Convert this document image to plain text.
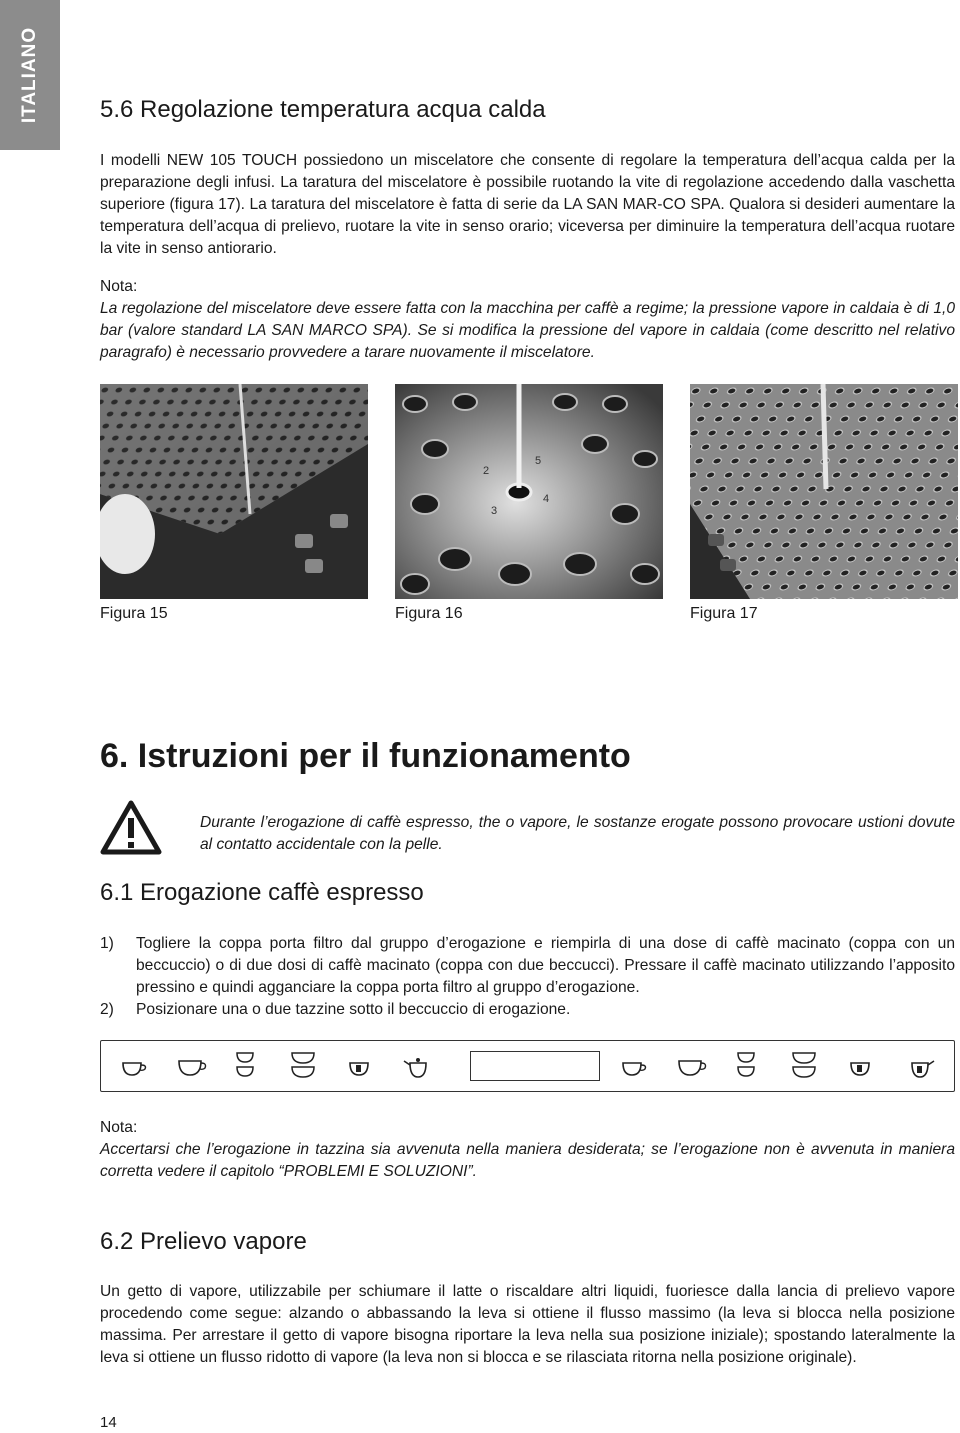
ITALIANO	5.6 Regolazione temperatura acqua calda
I modelli NEW 105 TOUCH possiedono un miscelatore che consente di regolare la temperatura dell’acqua calda per la preparazione degli infusi. La taratura del miscelatore è possibile ruotando la vite di regolazione accedendo dalla vaschetta superiore (figura 17). La taratura del miscelatore è fatta di serie da LA SAN MAR-CO SPA. Qualora si desideri aumentare la temperatura dell’acqua di prelievo, ruotare la vite in senso orario; viceversa per diminuire la temperatura dell’acqua ruotare la vite in senso antiorario.
Nota:
La regolazione del miscelatore deve essere fatta con la macchina per caffè a regime; la pressione vapore in caldaia è di 1,0 bar (valore standard LA SAN MARCO SPA). Se si modifica la pressione del vapore in caldaia (come descritto nel relativo paragrafo) è necessario provvedere a tarare nuovamente il miscelatore.
2
5
3
4
Figura 15	Figura 16	Figura 17
6. Istruzioni per il funzionamento
Durante l’erogazione di caffè espresso, the o vapore, le sostanze erogate possono provocare ustioni dovute al contatto accidentale con la pelle.
6.1 Erogazione caffè espresso
1) Togliere la coppa porta filtro dal gruppo d’erogazione e riempirla di una dose di caffè macinato (coppa con un beccuccio) o di due dosi di caffè macinato (coppa con due beccucci). Pressare il caffè macinato utilizzando l’apposito pressino e quindi agganciare la coppa porta filtro al gruppo d’erogazione.
2) Posizionare una o due tazzine sotto il beccuccio di erogazione.
Nota:
Accertarsi che l’erogazione in tazzina sia avvenuta nella maniera desiderata; se l’erogazione non è avvenuta in maniera corretta vedere il capitolo “PROBLEMI E SOLUZIONI”.
6.2 Prelievo vapore
Un getto di vapore, utilizzabile per schiumare il latte o riscaldare altri liquidi, fuoriesce dalla lancia di prelievo vapore procedendo come segue: alzando o abbassando la leva si ottiene il flusso massimo (la leva si blocca nella posizione massima. Per arrestare il getto di vapore bisogna riportare la leva nella sua posizione iniziale); spostando lateralmente la leva si ottiene un flusso ridotto di vapore (la leva non si blocca e se rilasciata ritorna nella posizione originale).
14
